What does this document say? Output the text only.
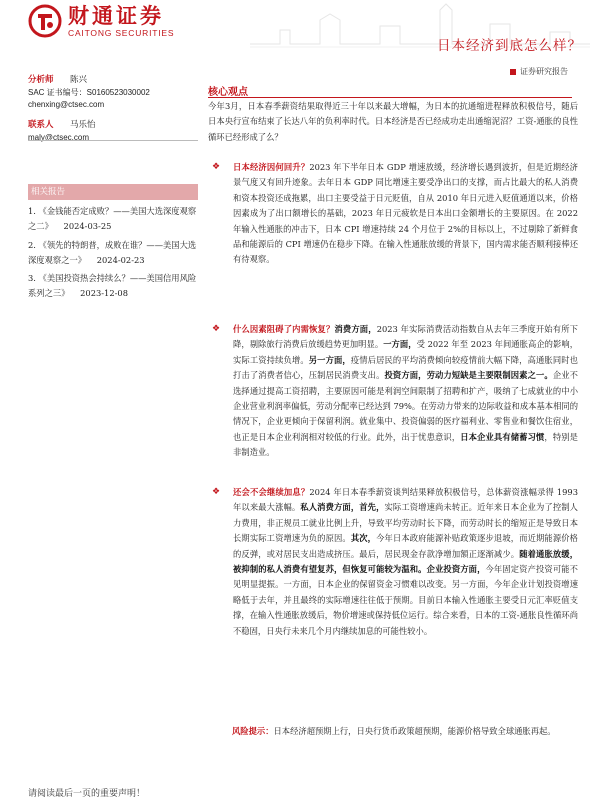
财通证券
CAITONG SECURITIES
日本经济到底怎么样？
证券研究报告
分析师	陈兴
SAC 证书编号：S0160523030002
chenxing@ctsec.com
联系人	马乐怡
maly@ctsec.com
相关报告
1. 《金钱能否定成败？——美国大选深度观察之二》 2024-03-25
2. 《领先的特朗普，成败在谁？——美国大选深度观察之一》 2024-02-23
3. 《美国投资热会持续么？——美国信用风险系列之三》 2023-12-08
核心观点
今年3月，日本春季薪资结果取得近三十年以来最大增幅，为日本的抗通缩进程释放积极信号，随后日本央行宣布结束了长达八年的负利率时代。日本经济是否已经成功走出通缩泥沼？工资-通胀的良性循环已经形成了么？
❖	日本经济因何回升？2023 年下半年日本 GDP 增速放缓，经济增长遇到波折，但是近期经济景气度又有回升迹象。去年日本 GDP 同比增速主要受净出口的支撑，而占比最大的私人消费和资本投资还成拖累，出口主要受益于日元贬值，自从 2010 年日元进入贬值通道以来，价格因素成为了出口额增长的基础，2023 年日元疲软是日本出口金额增长的主要原因。在 2022 年输入性通胀的冲击下，日本 CPI 增速持续 24 个月位于 2%的目标以上，不过剔除了新鲜食品和能源后的 CPI 增速仍在稳步下降。在输入性通胀放缓的背景下，国内需求能否顺利接棒还有待观察。
❖	什么因素阻碍了内需恢复？消费方面，2023 年实际消费活动指数自从去年三季度开始有所下降，剔除旅行消费后放缓趋势更加明显。一方面，受 2022 年至 2023 年间通胀高企的影响，实际工资持续负增。另一方面，疫情后居民的平均消费倾向较疫情前大幅下降，高通胀同时也打击了消费者信心，压制居民消费支出。投资方面，劳动力短缺是主要限制因素之一。企业不选择通过提高工资招聘，主要原因可能是利润空间限制了招聘和扩产，吸纳了七成就业的中小企业营业利润率偏低，劳动分配率已经达到 79%。在劳动力带来的边际收益和成本基本相同的情况下，企业更倾向于保留利润。就业集中、投资偏弱的医疗福利业、零售业和餐饮住宿业，也正是日本企业利润相对较低的行业。此外，出于忧患意识，日本企业具有储蓄习惯，特别是非制造业。
❖	还会不会继续加息？2024 年日本春季薪资谈判结果释放积极信号，总体薪资涨幅录得 1993 年以来最大涨幅。私人消费方面，首先，实际工资增速尚未转正。近年来日本企业为了控制人力费用，非正规员工就业比例上升，导致平均劳动时长下降，而劳动时长的缩短正是导致日本长期实际工资增速为负的原因。其次，今年日本政府能源补贴政策逐步退坡，而近期能源价格的反弹，或对居民支出造成挤压。最后，居民现金存款净增加額正逐渐减少。随着通胀放缓，被抑制的私人消费有望复苏，但恢复可能较为温和。企业投资方面，今年固定资产投资可能不见明显提振。一方面，日本企业的保留资金习惯难以改变。另一方面，今年企业计划投资增速略低于去年，并且最终的实际增速往往低于预期。目前日本输入性通胀主要受日元汇率贬值支撑，在输入性通胀放缓后，物价增速或保持低位运行。综合来看，日本的工资-通胀良性循环尚不稳固，日央行未来几个月内继续加息的可能性较小。
风险提示：日本经济超预期上行，日央行货币政策超预期，能源价格导致全球通胀再起。
请阅读最后一页的重要声明！
